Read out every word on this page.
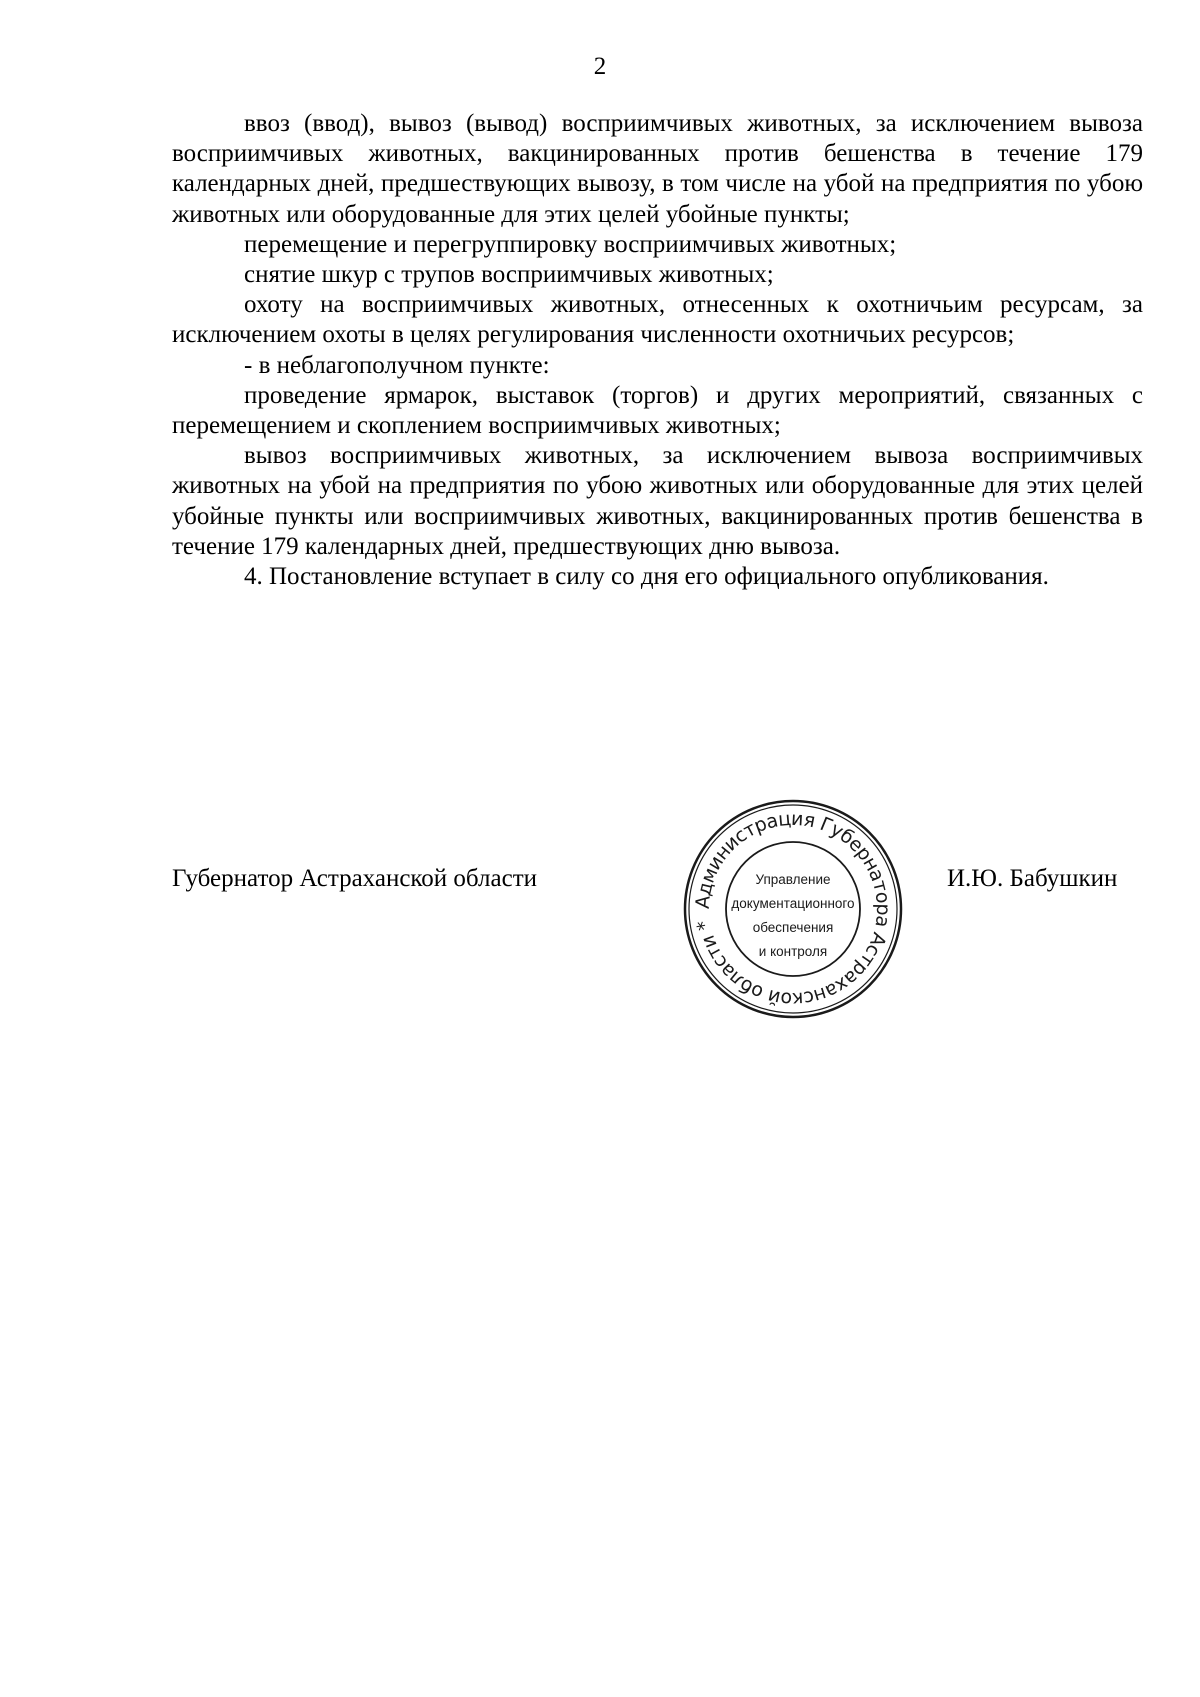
2

ввоз (ввод), вывоз (вывод) восприимчивых животных, за исключением вывоза восприимчивых животных, вакцинированных против бешенства в течение 179 календарных дней, предшествующих вывозу, в том числе на убой на предприятия по убою животных или оборудованные для этих целей убойные пункты;

перемещение и перегруппировку восприимчивых животных;

снятие шкур с трупов восприимчивых животных;

охоту на восприимчивых животных, отнесенных к охотничьим ресурсам, за исключением охоты в целях регулирования численности охотничьих ресурсов;

- в неблагополучном пункте:

проведение ярмарок, выставок (торгов) и других мероприятий, связанных с перемещением и скоплением восприимчивых животных;

вывоз восприимчивых животных, за исключением вывоза восприимчивых животных на убой на предприятия по убою животных или оборудованные для этих целей убойные пункты или восприимчивых животных, вакцинированных против бешенства в течение 179 календарных дней, предшествующих дню вывоза.

4. Постановление вступает в силу со дня его официального опубликования.

Губернатор Астраханской области
Администрация Губернатора Астраханской области *
Управление
документационного
обеспечения
и контроля
И.Ю. Бабушкин
